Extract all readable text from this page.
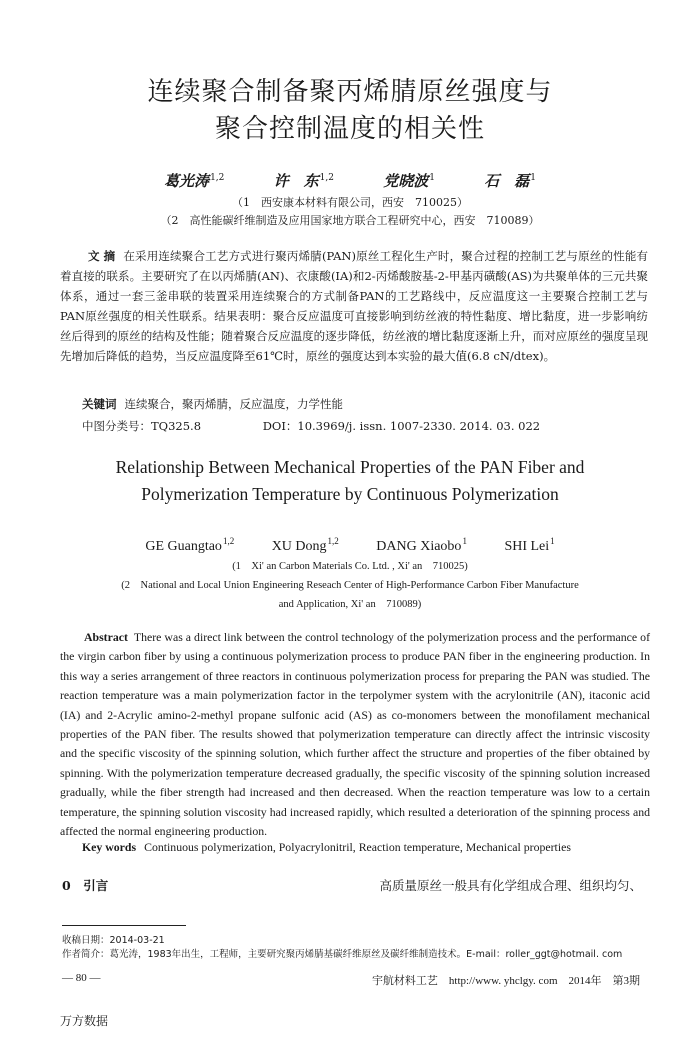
连续聚合制备聚丙烯腈原丝强度与
聚合控制温度的相关性
葛光涛$^{1,2}$	许　东$^{1,2}$	党晓波$^1$	石　磊$^1$
（1　西安康本材料有限公司，西安　710025）
（2　高性能碳纤维制造及应用国家地方联合工程研究中心，西安　710089）
文摘 在采用连续聚合工艺方式进行聚丙烯腈(PAN)原丝工程化生产时，聚合过程的控制工艺与原丝的性能有着直接的联系。主要研究了在以丙烯腈(AN)、衣康酸(IA)和2-丙烯酸胺基-2-甲基丙磺酸(AS)为共聚单体的三元共聚体系，通过一套三釜串联的装置采用连续聚合的方式制备PAN的工艺路线中，反应温度这一主要聚合控制工艺与PAN原丝强度的相关性联系。结果表明：聚合反应温度可直接影响到纺丝液的特性黏度、增比黏度，进一步影响纺丝后得到的原丝的结构及性能；随着聚合反应温度的逐步降低，纺丝液的增比黏度逐渐上升，而对应原丝的强度呈现先增加后降低的趋势，当反应温度降至61℃时，原丝的强度达到本实验的最大值(6.8 cN/dtex)。
关键词 连续聚合，聚丙烯腈，反应温度，力学性能
中图分类号：TQ325.8	DOI：10.3969/j. issn. 1007-2330. 2014. 03. 022
Relationship Between Mechanical Properties of the PAN Fiber and
Polymerization Temperature by Continuous Polymerization
GE Guangtao$^{1,2}$	XU Dong$^{1,2}$	DANG Xiaobo$^1$	SHI Lei$^1$
(1　Xi' an Carbon Materials Co. Ltd. , Xi' an　710025)
(2　National and Local Union Engineering Reseach Center of High-Performance Carbon Fiber Manufacture
and Application, Xi' an　710089)
Abstract There was a direct link between the control technology of the polymerization process and the performance of the virgin carbon fiber by using a continuous polymerization process to produce PAN fiber in the engineering production. In this way a series arrangement of three reactors in continuous polymerization process for preparing the PAN was studied. The reaction temperature was a main polymerization factor in the terpolymer system with the acrylonitrile (AN), itaconic acid (IA) and 2-Acrylic amino-2-methyl propane sulfonic acid (AS) as co-monomers between the monofilament mechanical properties of the PAN fiber. The results showed that polymerization temperature can directly affect the intrinsic viscosity and the specific viscosity of the spinning solution, which further affect the structure and properties of the fiber obtained by spinning. With the polymerization temperature decreased gradually, the specific viscosity of the spinning solution increased gradually, while the fiber strength had increased and then decreased. When the reaction temperature was low to a certain temperature, the spinning solution viscosity had increased rapidly, which resulted a deterioration of the spinning process and affected the normal engineering production.
Key words Continuous polymerization, Polyacrylonitril, Reaction temperature, Mechanical properties
0　引言	高质量原丝一般具有化学组成合理、组织均匀、
收稿日期：2014-03-21
作者简介：葛光涛，1983年出生，工程师，主要研究聚丙烯腈基碳纤维原丝及碳纤维制造技术。E-mail：roller_ggt@hotmail. com
— 80 —	宇航材料工艺　http://www. yhclgy. com　2014年　第3期
万方数据
